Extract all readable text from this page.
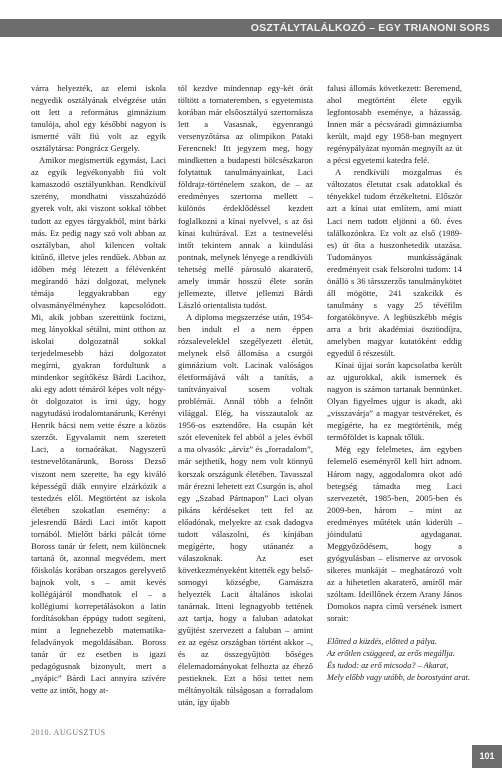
OSZTÁLYTALÁLKOZÓ – EGY TRIANONI SORS

várra helyezték, az elemi iskola negyedik osztályának elvégzése után ott lett a református gimnázium tanulója, ahol egy későbbi nagyon is ismertté vált fiú volt az egyik osztálytársa: Pongrácz Gergely.

Amikor megismertük egymást, Laci az egyik legvékonyabb fiú volt kamaszodó osztályunkban. Rendkívül szerény, mondhatni visszahúzódó gyerek volt, aki viszont sokkal többet tudott az egyes tárgyakból, mint bárki más. Ez pedig nagy szó volt abban az osztályban, ahol kilencen voltak kitűnő, illetve jeles rendűek. Abban az időben még létezett a félévenként megírandó házi dolgozat, melynek témája leggyakrabban egy olvasmányélményhez kapcsolódott. Mi, akik jobban szerettünk focizni, meg lányokkal sétálni, mint otthon az iskolai dolgozatnál sokkal terjedelmesebb házi dolgozatot megírni, gyakran fordultunk a mindenkor segítőkész Bárdi Lacihoz, aki egy adott témáról képes volt négy-öt dolgozatot is írni úgy, hogy nagytudású irodalomtanárunk, Kerényi Henrik bácsi nem vette észre a közös szerzőt. Egyvalamit nem szeretett Laci, a tornaórákat. Nagyszerű testnevelőtanárunk, Boross Dezső viszont nem szerette, ha egy kiváló képességű diák ennyire elzárkózik a testedzés elől. Megtörtént az iskola életében szokatlan esemény: a jelesrendű Bárdi Laci intőt kapott tornából. Mielőtt bárki pálcát törne Boross tanár úr felett, nem különcnek tartaná őt, azonnal megvédem, mert főiskolás korában orszagos gerelyvető bajnok volt, s – amit kevés kollégájáról mondhatok el – a kollégiumi korrepetálásokon a latin fordításokban éppúgy tudott segíteni, mint a legnehezebb matematika-feladványok megoldásában. Boross tanár úr ez esetben is igazi pedagógusnak bizonyult, mert a „nyápic” Bárdi Laci annyira szívére vette az intőt, hogy at-

tól kezdve mindennap egy-két órát töltött a tornateremben, s egyetemista korában már elsőosztályú szertornásza lett a Vasasnak, egyenrangú versenyzőtársa az olimpikon Pataki Ferencnek! Itt jegyzem meg, hogy mindketten a budapesti bölcsészkaron folytattuk tanulmányainkat, Laci földrajz-történelem szakon, de – az eredményes szertorna mellett – különös érdeklődéssel kezdett foglalkozni a kínai nyelvvel, s az ősi kínai kultúrával. Ezt a testnevelési intőt tekintem annak a kiindulási pontnak, melynek lényege a rendkívüli tehetség mellé párosuló akaraterő, amely immár hosszú élete során jellemezte, illetve jellemzi Bárdi László orientalista tudóst.

A diploma megszerzése után, 1954-ben indult el a nem éppen rózsaleveleklel szegélyezett életút, melynek első állomása a csurgói gimnázium volt. Lacinak valóságos életformájává vált a tanítás, a tanítványaival sosem voltak problémái. Annál több a felnőtt világgal. Elég, ha visszautalok az 1956-os esztendőre. Ha csupán két szót elevenítek fel abból a jeles évből a ma olvasók: „árvíz” és „forradalom”, már sejthetik, hogy nem volt könnyű korszak országunk életében. Tavasszal már érezni lehetett ezt Csurgón is, ahol egy „Szabad Pártnapon” Laci olyan pikáns kérdéseket tett fel az előadónak, melyekre az csak dadogva tudott válaszolni, és kínjában megígérte, hogy utánanéz a válaszoknak. Az eset következményeként kitették egy belső-somogyi községbe, Gamászra helyezték Lacit általános iskolai tanárnak. Itteni legnagyobb tettének azt tartja, hogy a faluban adatokat gyűjtést szervezett a faluban – amint ez az egész országban történt akkor –, és az összegyűjtött bőséges élelemadományokat felhozta az éhező pestieknek. Ezt a hősi tettet nem méltányolták túlságosan a forradalom után, így újabb

falusi állomás következett: Beremend, ahol megtörtént élete egyik legfontosabb eseménye, a házasság. Innen már a pécsváradi gimnáziumba került, majd egy 1958-ban megnyert regénypályázat nyomán megnyílt az út a pécsi egyetemi katedra felé.

A rendkívüli mozgalmas és változatos életutat csak adatokkal és tényekkel tudom érzékeltetni. Először azt a kínai utat említem, ami miatt Laci nem tudott eljönni a 60. éves találkozónkra. Ez volt az első (1989-es) út őta a huszonhetedik utazása. Tudományos munkásságának eredményeit csak felsorolni tudom: 14 önálló s 36 társszerzős tanulmánykötet áll mögötte, 241 szakcikk és tanulmány s vagy 25 tévéfilm forgatókönyve. A legbüszkébb mégis arra a brit akadémiai ösztöndíjra, amelyben magyar kutatóként eddig egyedül ő részesült.

Kínai újjai során kapcsolatba került az ujgurokkal, akik ismernek és nagyon is számon tartanak bennünket. Olyan figyelmes ujgur is akadt, aki „visszavárja” a magyar testvéreket, és megígérte, ha ez megtörténik, még termőföldet is kapnak tőlük.

Még egy felelmetes, ám egyben felemelő eseményről kell hírt adnom. Három nagy, aggodalomra okot adó betegség támadta meg Laci szervezetét, 1985-ben, 2005-ben és 2009-ben, három – mint az eredményes műtétek után kiderült – jóindulatú agydaganat. Meggyőződésem, hogy a gyógyulásban – elismerve az orvosok sikeres munkáját – meghatározó volt az a hihetetlen akaraterő, amiről már szóltam. Ideillőnek érzem Arany János Domokos napra című versének ismert sorait:

Előtted a küzdés, előtted a pálya.
Az erőtlen csüggeed, az erős megállja.
És tudod: az erő micsoda? – Akarat,
Mely előbb vagy utóbb, de borostyánt arat.

2010. AUGUSZTUS
101
